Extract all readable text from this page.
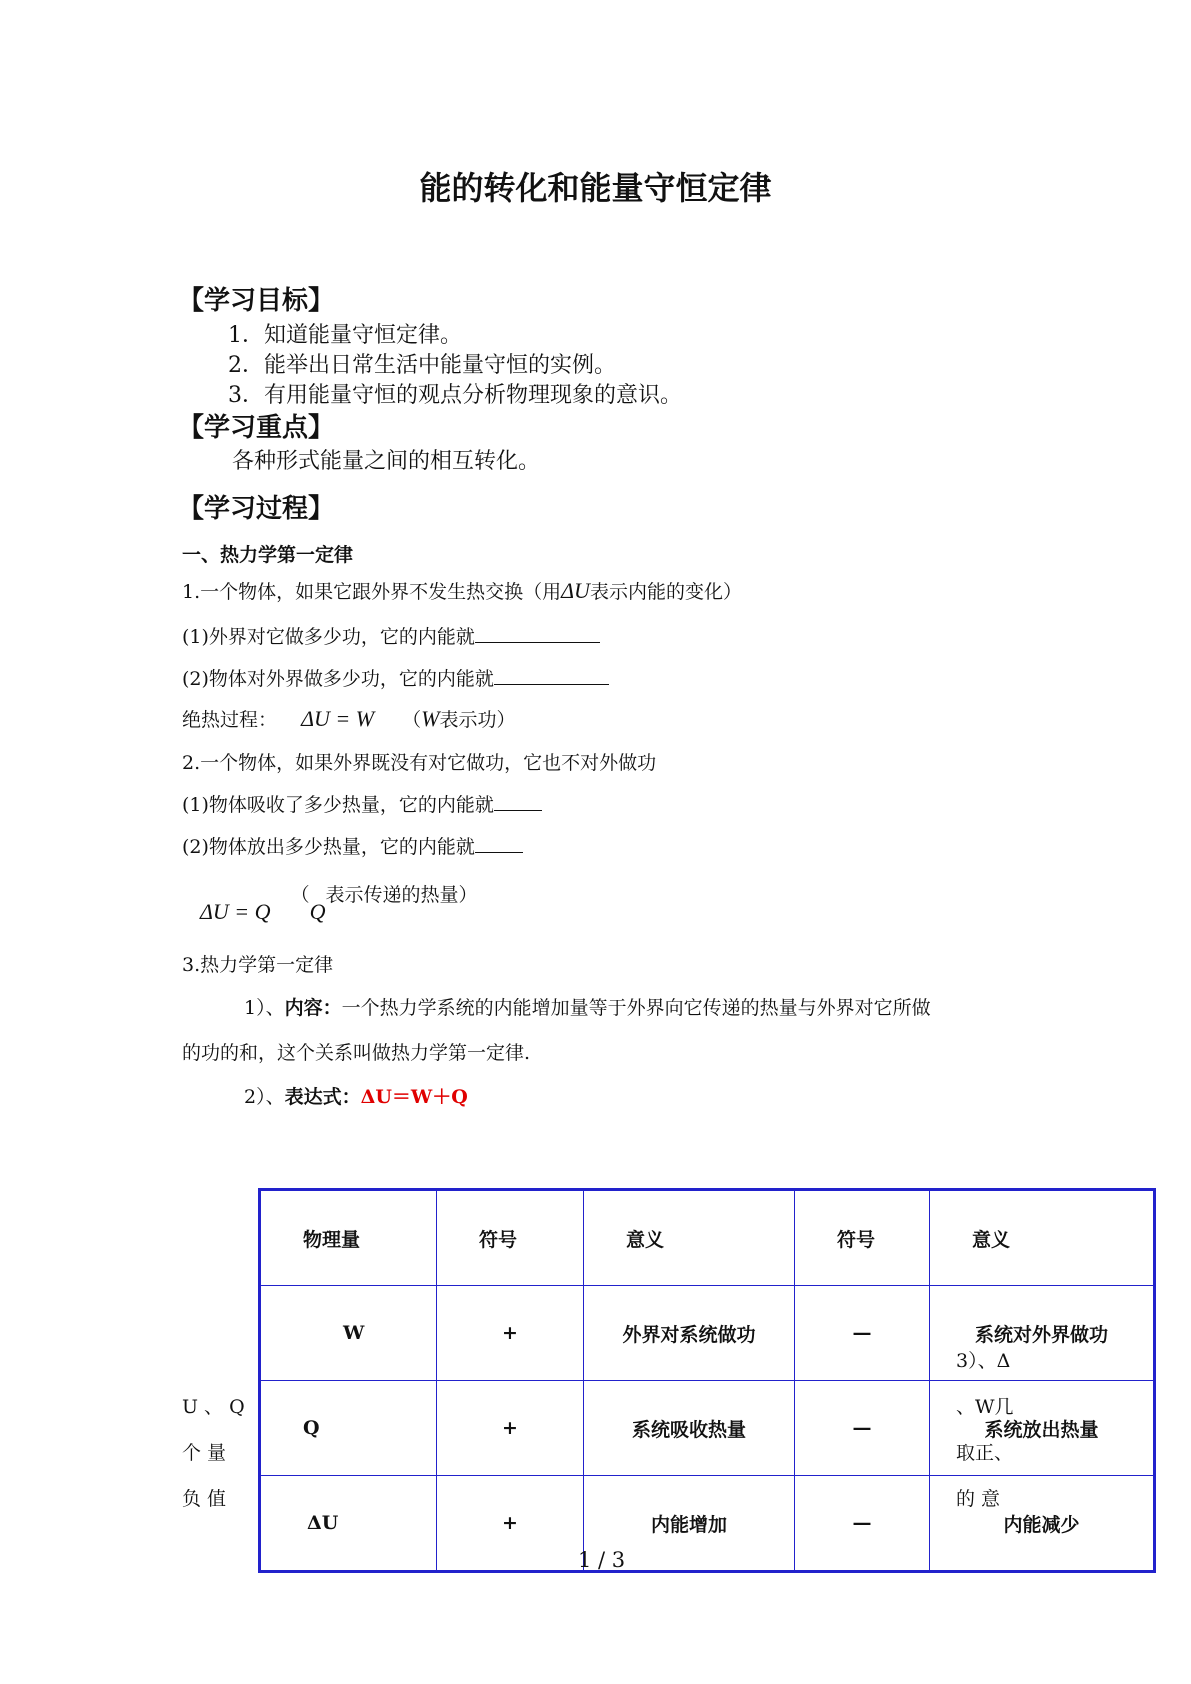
能的转化和能量守恒定律
【学习目标】
1．知道能量守恒定律。
2．能举出日常生活中能量守恒的实例。
3．有用能量守恒的观点分析物理现象的意识。
【学习重点】
各种形式能量之间的相互转化。
【学习过程】
一、热力学第一定律
1.一个物体，如果它跟外界不发生热交换（用ΔU表示内能的变化）
(1)外界对它做多少功，它的内能就
(2)物体对外界做多少功，它的内能就
绝热过程： ΔU = W （W表示功）
2.一个物体，如果外界既没有对它做功，它也不对外做功
(1)物体吸收了多少热量，它的内能就
(2)物体放出多少热量，它的内能就
ΔU = Q （Q表示传递的热量）
3.热力学第一定律
1）、内容：一个热力学系统的内能增加量等于外界向它传递的热量与外界对它所做
的功的和，这个关系叫做热力学第一定律.
2）、表达式：ΔU＝W＋Q
物理量	符号	意义	符号	意义
W	+	外界对系统做功	—	系统对外界做功
Q	+	系统吸收热量	—	系统放出热量
ΔU	+	内能增加	—	内能减少
3）、Δ
、W几
取正、
的 意
U 、 Q
个 量
负 值
1 / 3
